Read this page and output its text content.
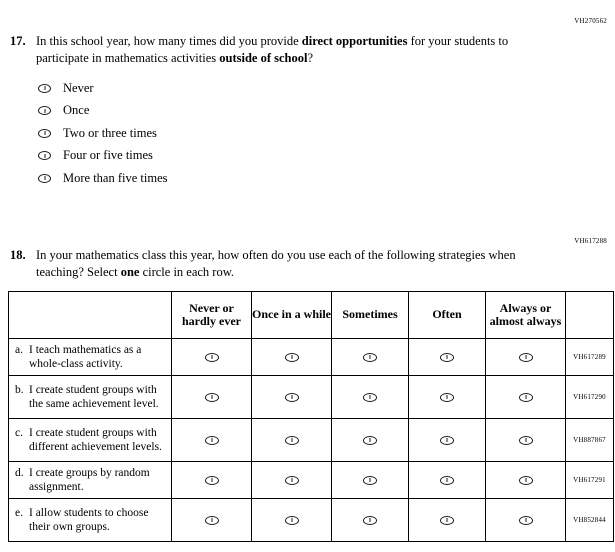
VH270562
17. In this school year, how many times did you provide direct opportunities for your students to participate in mathematics activities outside of school?
Never
Once
Two or three times
Four or five times
More than five times
VH617288
18. In your mathematics class this year, how often do you use each of the following strategies when teaching? Select one circle in each row.
	Never or hardly ever	Once in a while	Sometimes	Often	Always or almost always	

a. I teach mathematics as a whole-class activity.						VH617289

b. I create student groups with the same achievement level.						VH617290

c. I create student groups with different achievement levels.						VH887867

d. I create groups by random assignment.						VH617291

e. I allow students to choose their own groups.						VH852844
